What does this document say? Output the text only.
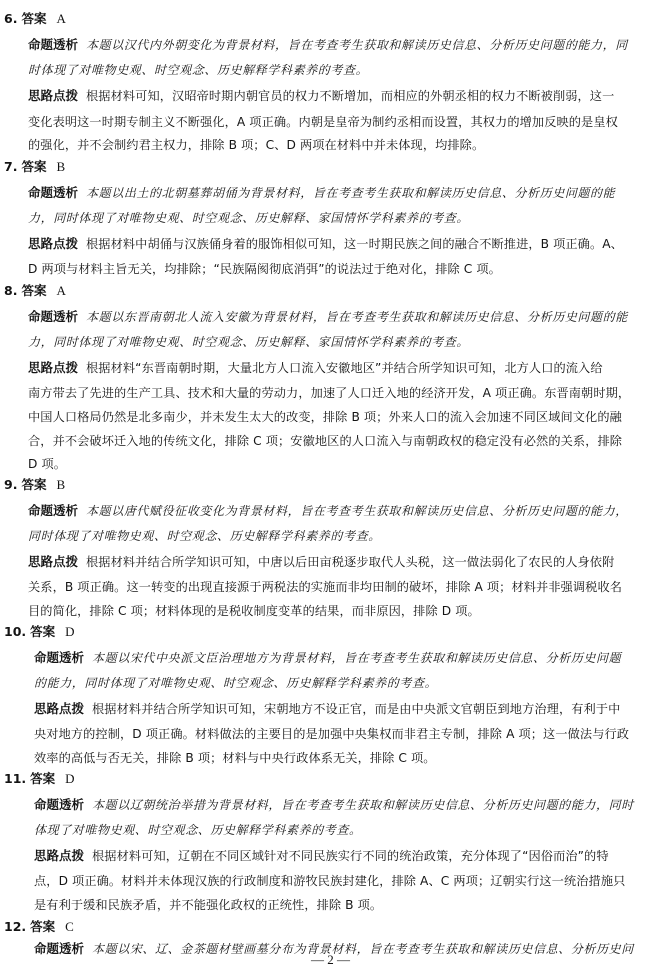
6. 答案 A
命题透析 本题以汉代内外朝变化为背景材料，旨在考查考生获取和解读历史信息、分析历史问题的能力，同
时体现了对唯物史观、时空观念、历史解释学科素养的考查。
思路点拨 根据材料可知，汉昭帝时期内朝官员的权力不断增加，而相应的外朝丞相的权力不断被削弱，这一
变化表明这一时期专制主义不断强化，A 项正确。内朝是皇帝为制约丞相而设置，其权力的增加反映的是皇权
的强化，并不会制约君主权力，排除 B 项；C、D 两项在材料中并未体现，均排除。
7. 答案 B
命题透析 本题以出土的北朝墓葬胡俑为背景材料，旨在考查考生获取和解读历史信息、分析历史问题的能
力，同时体现了对唯物史观、时空观念、历史解释、家国情怀学科素养的考查。
思路点拨 根据材料中胡俑与汉族俑身着的服饰相似可知，这一时期民族之间的融合不断推进，B 项正确。A、
D 两项与材料主旨无关，均排除；“民族隔阂彻底消弭”的说法过于绝对化，排除 C 项。
8. 答案 A
命题透析 本题以东晋南朝北人流入安徽为背景材料，旨在考查考生获取和解读历史信息、分析历史问题的能
力，同时体现了对唯物史观、时空观念、历史解释、家国情怀学科素养的考查。
思路点拨 根据材料“东晋南朝时期，大量北方人口流入安徽地区”并结合所学知识可知，北方人口的流入给
南方带去了先进的生产工具、技术和大量的劳动力，加速了人口迁入地的经济开发，A 项正确。东晋南朝时期，
中国人口格局仍然是北多南少，并未发生太大的改变，排除 B 项；外来人口的流入会加速不同区域间文化的融
合，并不会破坏迁入地的传统文化，排除 C 项；安徽地区的人口流入与南朝政权的稳定没有必然的关系，排除
D 项。
9. 答案 B
命题透析 本题以唐代赋役征收变化为背景材料，旨在考查考生获取和解读历史信息、分析历史问题的能力，
同时体现了对唯物史观、时空观念、历史解释学科素养的考查。
思路点拨 根据材料并结合所学知识可知，中唐以后田亩税逐步取代人头税，这一做法弱化了农民的人身依附
关系，B 项正确。这一转变的出现直接源于两税法的实施而非均田制的破坏，排除 A 项；材料并非强调税收名
目的简化，排除 C 项；材料体现的是税收制度变革的结果，而非原因，排除 D 项。
10. 答案 D
命题透析 本题以宋代中央派文臣治理地方为背景材料，旨在考查考生获取和解读历史信息、分析历史问题
的能力，同时体现了对唯物史观、时空观念、历史解释学科素养的考查。
思路点拨 根据材料并结合所学知识可知，宋朝地方不设正官，而是由中央派文官朝臣到地方治理，有利于中
央对地方的控制，D 项正确。材料做法的主要目的是加强中央集权而非君主专制，排除 A 项；这一做法与行政
效率的高低与否无关，排除 B 项；材料与中央行政体系无关，排除 C 项。
11. 答案 D
命题透析 本题以辽朝统治举措为背景材料，旨在考查考生获取和解读历史信息、分析历史问题的能力，同时
体现了对唯物史观、时空观念、历史解释学科素养的考查。
思路点拨 根据材料可知，辽朝在不同区域针对不同民族实行不同的统治政策，充分体现了“因俗而治”的特
点，D 项正确。材料并未体现汉族的行政制度和游牧民族封建化，排除 A、C 两项；辽朝实行这一统治措施只
是有利于缓和民族矛盾，并不能强化政权的正统性，排除 B 项。
12. 答案 C
命题透析 本题以宋、辽、金茶题材壁画墓分布为背景材料，旨在考查考生获取和解读历史信息、分析历史问
— 2 —
